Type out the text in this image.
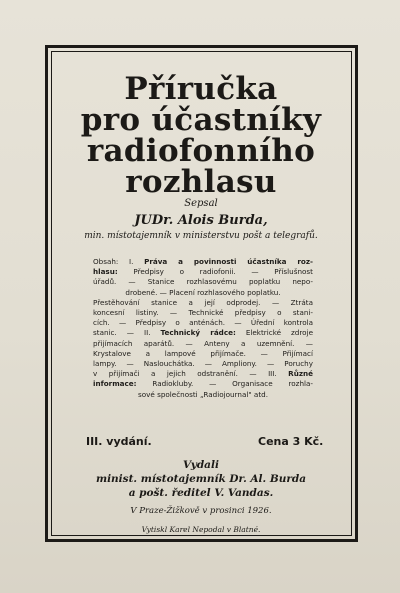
Příručka
pro účastníky
radiofonního
rozhlasu
Sepsal
JUDr. Alois Burda,
min. místotajemník v ministerstvu pošt a telegrafů.
Obsah: I. Práva a povinnosti účastníka roz-
hlasu: Předpisy o radiofonii. — Příslušnost
úřadů. — Stanice rozhlasovému poplatku nepo-
drobené. — Placení rozhlasového poplatku.
Přestěhování stanice a její odprodej. — Ztráta
koncesní listiny. — Technické předpisy o stani-
cích. — Předpisy o anténách. — Úřední kontrola
stanic. — II. Technický rádce: Elektrické zdroje
přijímacích aparátů. — Anteny a uzemnění. —
Krystalove a lampové přijímače. — Přijímací
lampy. — Naslouchátka. — Ampliony. — Poruchy
v přijímači a jejich odstranění. — III. Různé
informace: Radiokluby. — Organisace rozhla-
sové společnosti „Radiojournal" atd.
III. vydání.	Cena 3 Kč.
Vydali
minist. místotajemník Dr. Al. Burda
a pošt. ředitel V. Vandas.
V Praze-Žižkově v prosinci 1926.
Vytiskl Karel Nepodal v Blatné.
